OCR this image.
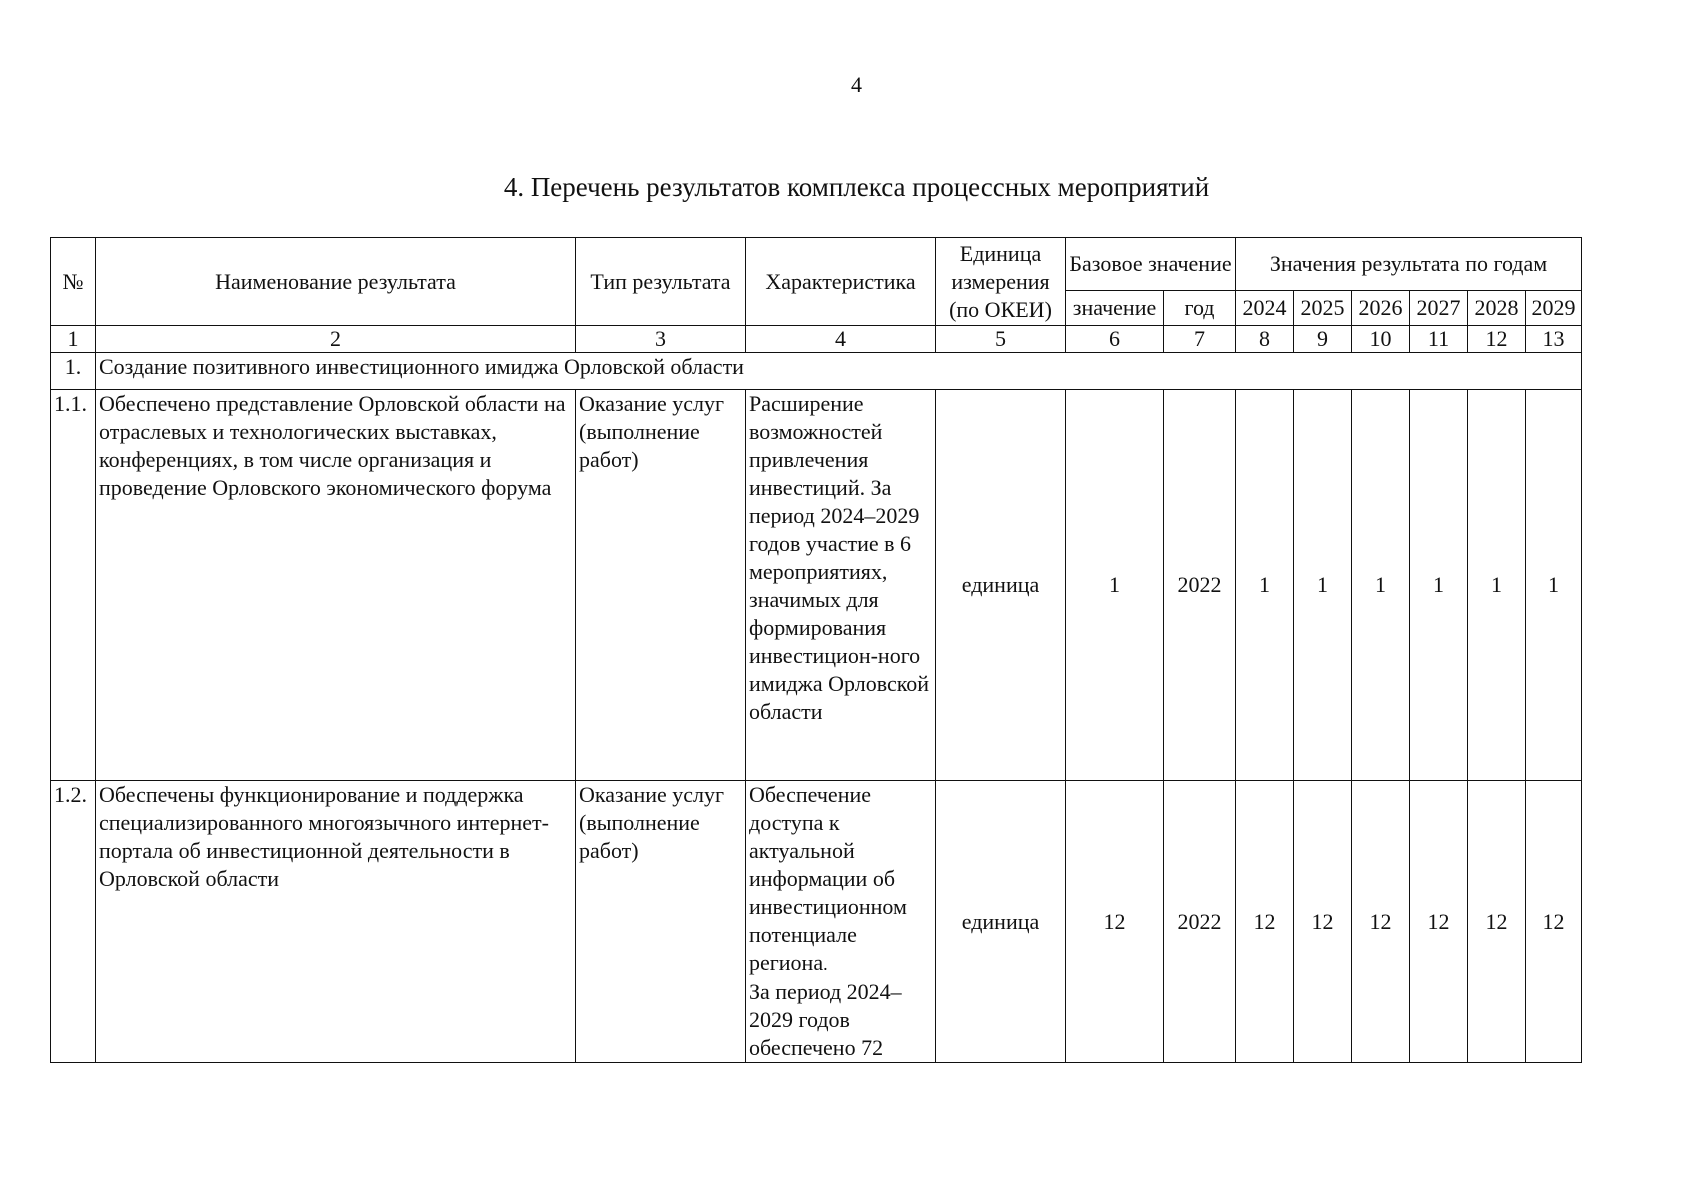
4
4. Перечень результатов комплекса процессных мероприятий
№	Наименование результата	Тип результата	Характеристика	Единица измерения (по ОКЕИ)	Базовое значение		Значения результата по годам					
							2024	2025	2026	2027	2028	2029
					значение	год						
1	2	3	4	5	6	7	8	9	10	11	12	13
1.	Создание позитивного инвестиционного имиджа Орловской области											
1.1.	Обеспечено представление Орловской области на отраслевых и технологических выставках, конференциях, в том числе организация и проведение Орловского экономического форума	Оказание услуг (выполнение работ)	Расширение возможностей привлечения инвестиций. За период 2024–2029 годов участие в 6 мероприятиях, значимых для формирования инвестицион-ного имиджа Орловской области	единица	1	2022	1	1	1	1	1	1
1.2.	Обеспечены функционирование и поддержка специализированного многоязычного интернет-портала об инвестиционной деятельности в Орловской области	Оказание услуг (выполнение работ)	Обеспечение доступа к актуальной информации об инвестиционном потенциале региона.
За период 2024–2029 годов обеспечено 72	единица	12	2022	12	12	12	12	12	12
